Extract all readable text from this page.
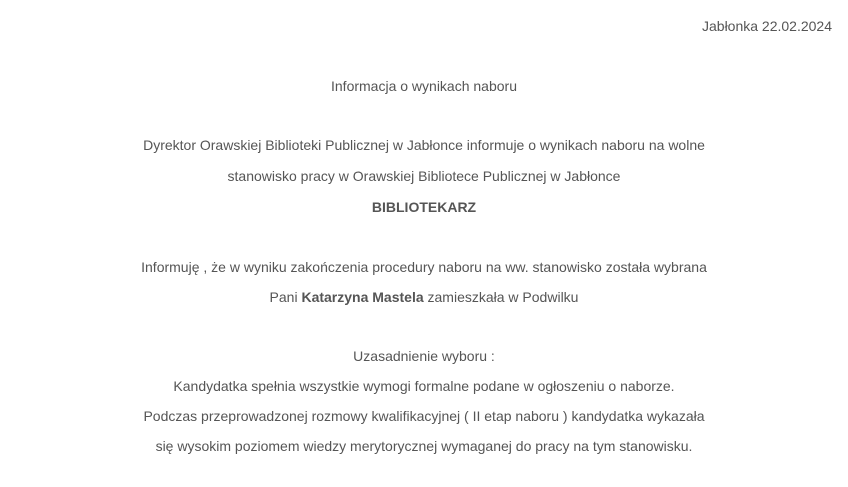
Jabłonka 22.02.2024
Informacja o wynikach naboru
Dyrektor Orawskiej Biblioteki Publicznej w Jabłonce informuje o wynikach naboru na wolne
stanowisko pracy w Orawskiej Bibliotece Publicznej w Jabłonce
BIBLIOTEKARZ
Informuję , że w wyniku zakończenia procedury naboru na ww. stanowisko została wybrana
Pani Katarzyna Mastela zamieszkała w Podwilku
Uzasadnienie wyboru :
Kandydatka spełnia wszystkie wymogi formalne podane w ogłoszeniu o naborze.
Podczas przeprowadzonej rozmowy kwalifikacyjnej ( II etap naboru ) kandydatka wykazała
się wysokim poziomem wiedzy merytorycznej wymaganej do pracy na tym stanowisku.
